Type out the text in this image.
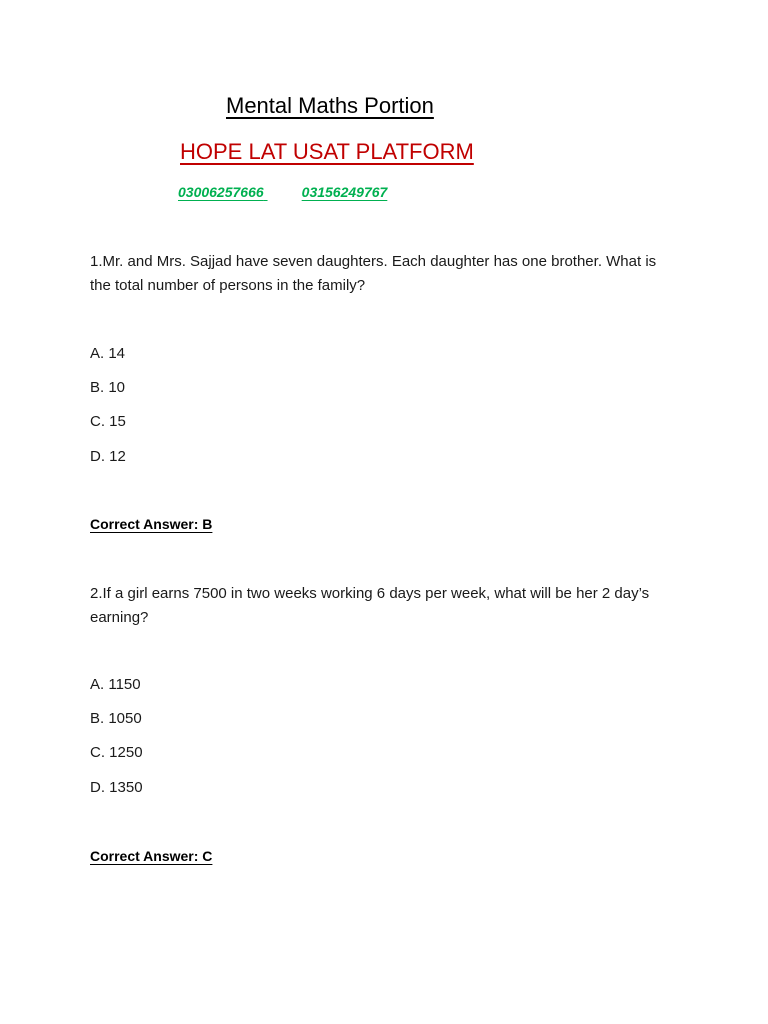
Mental Maths Portion
HOPE LAT USAT PLATFORM
03006257666	03156249767
1.Mr. and Mrs. Sajjad have seven daughters. Each daughter has one brother. What is the total number of persons in the family?
A. 14
B. 10
C. 15
D. 12
Correct Answer: B
2.If a girl earns 7500 in two weeks working 6 days per week, what will be her 2 day’s earning?
A. 1150
B. 1050
C. 1250
D. 1350
Correct Answer: C
